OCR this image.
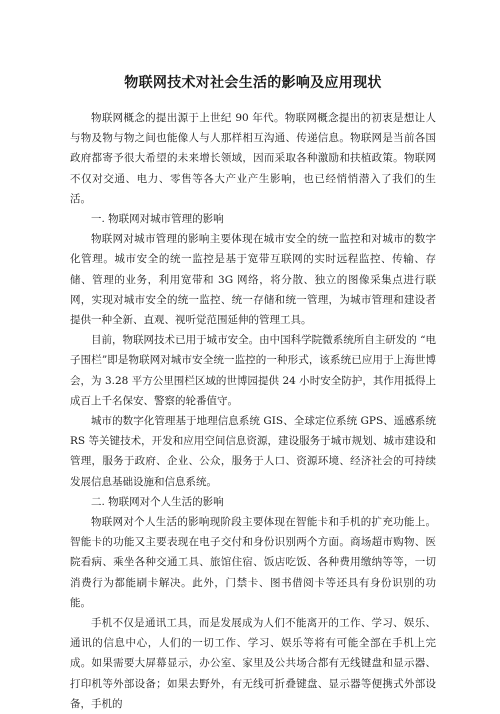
物联网技术对社会生活的影响及应用现状

物联网概念的提出源于上世纪 90 年代。物联网概念提出的初衷是想让人与物及物与物之间也能像人与人那样相互沟通、传递信息。物联网是当前各国政府都寄予很大希望的未来增长领域，因而采取各种激励和扶植政策。物联网不仅对交通、电力、零售等各大产业产生影响，也已经悄悄潜入了我们的生活。

一. 物联网对城市管理的影响

物联网对城市管理的影响主要体现在城市安全的统一监控和对城市的数字化管理。城市安全的统一监控是基于宽带互联网的实时远程监控、传输、存储、管理的业务，利用宽带和 3G 网络，将分散、独立的图像采集点进行联网，实现对城市安全的统一监控、统一存储和统一管理，为城市管理和建设者提供一种全新、直观、视听觉范围延伸的管理工具。

目前，物联网技术已用于城市安全。由中国科学院微系统所自主研发的 “电子围栏”即是物联网对城市安全统一监控的一种形式，该系统已应用于上海世博会，为 3.28 平方公里围栏区域的世博园提供 24 小时安全防护，其作用抵得上成百上千名保安、警察的轮番值守。

城市的数字化管理基于地理信息系统 GIS、全球定位系统 GPS、遥感系统 RS 等关键技术，开发和应用空间信息资源，建设服务于城市规划、城市建设和管理，服务于政府、企业、公众，服务于人口、资源环境、经济社会的可持续发展信息基础设施和信息系统。

二. 物联网对个人生活的影响

物联网对个人生活的影响现阶段主要体现在智能卡和手机的扩充功能上。智能卡的功能又主要表现在电子交付和身份识别两个方面。商场超市购物、医院看病、乘坐各种交通工具、旅馆住宿、饭店吃饭、各种费用缴纳等等，一切消费行为都能刷卡解决。此外，门禁卡、图书借阅卡等还具有身份识别的功能。

手机不仅是通讯工具，而是发展成为人们不能离开的工作、学习、娱乐、通讯的信息中心，人们的一切工作、学习、娱乐等将有可能全部在手机上完成。如果需要大屏幕显示，办公室、家里及公共场合都有无线键盘和显示器、打印机等外部设备；如果去野外，有无线可折叠键盘、显示器等便携式外部设备，手机的
